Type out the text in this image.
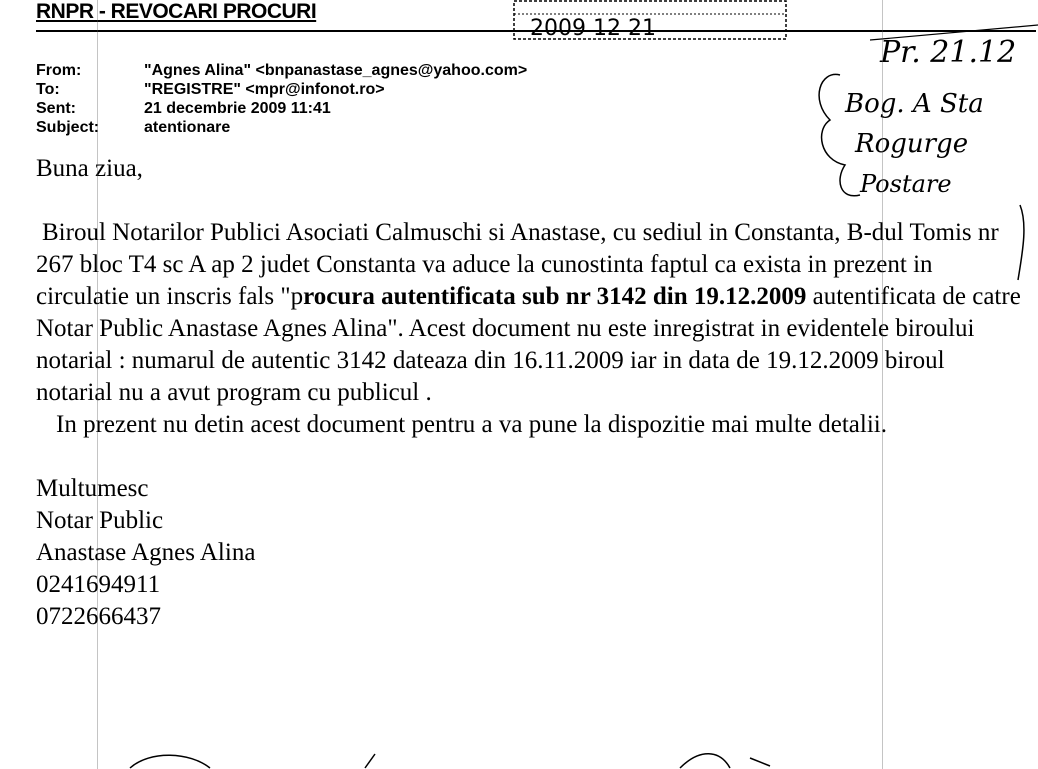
RNPR - REVOCARI PROCURI
2009 12 21
Pr. 21.12
Bog. A Sta
Rogurge
Postare
From:	"Agnes Alina" <bnpanastase_agnes@yahoo.com>
To:	"REGISTRE" <mpr@infonot.ro>
Sent:	21 decembrie 2009 11:41
Subject:	atentionare

Buna ziua,

Biroul Notarilor Publici Asociati Calmuschi si Anastase, cu sediul in Constanta, B-dul Tomis nr 267 bloc T4 sc A ap 2 judet Constanta va aduce la cunostinta faptul ca exista in prezent in circulatie un inscris fals "procura autentificata sub nr 3142 din 19.12.2009 autentificata de catre Notar Public Anastase Agnes Alina". Acest document nu este inregistrat in evidentele biroului notarial : numarul de autentic 3142 dateaza din 16.11.2009 iar in data de 19.12.2009 biroul notarial nu a avut program cu publicul .

In prezent nu detin acest document pentru a va pune la dispozitie mai multe detalii.

Multumesc
Notar Public
Anastase Agnes Alina
0241694911
0722666437
